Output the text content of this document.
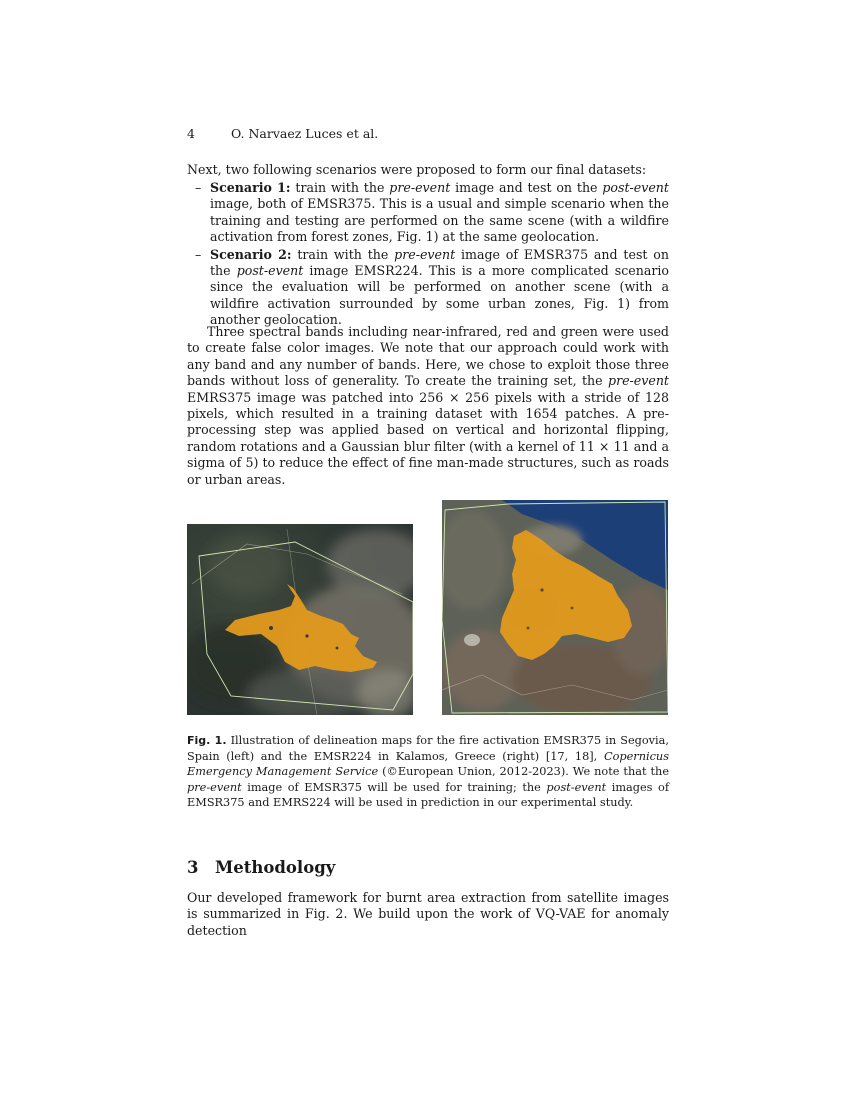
4	O. Narvaez Luces et al.

Next, two following scenarios were proposed to form our final datasets:

– Scenario 1: train with the pre-event image and test on the post-event image, both of EMSR375. This is a usual and simple scenario when the training and testing are performed on the same scene (with a wildfire activation from forest zones, Fig. 1) at the same geolocation.
– Scenario 2: train with the pre-event image of EMSR375 and test on the post-event image EMSR224. This is a more complicated scenario since the evaluation will be performed on another scene (with a wildfire activation surrounded by some urban zones, Fig. 1) from another geolocation.

Three spectral bands including near-infrared, red and green were used to create false color images. We note that our approach could work with any band and any number of bands. Here, we chose to exploit those three bands without loss of generality. To create the training set, the pre-event EMRS375 image was patched into 256 × 256 pixels with a stride of 128 pixels, which resulted in a training dataset with 1654 patches. A pre-processing step was applied based on vertical and horizontal flipping, random rotations and a Gaussian blur filter (with a kernel of 11 × 11 and a sigma of 5) to reduce the effect of fine man-made structures, such as roads or urban areas.

Fig. 1. Illustration of delineation maps for the fire activation EMSR375 in Segovia, Spain (left) and the EMSR224 in Kalamos, Greece (right) [17, 18], Copernicus Emergency Management Service (©European Union, 2012-2023). We note that the pre-event image of EMSR375 will be used for training; the post-event images of EMSR375 and EMRS224 will be used in prediction in our experimental study.

3 Methodology

Our developed framework for burnt area extraction from satellite images is summarized in Fig. 2. We build upon the work of VQ-VAE for anomaly detection
